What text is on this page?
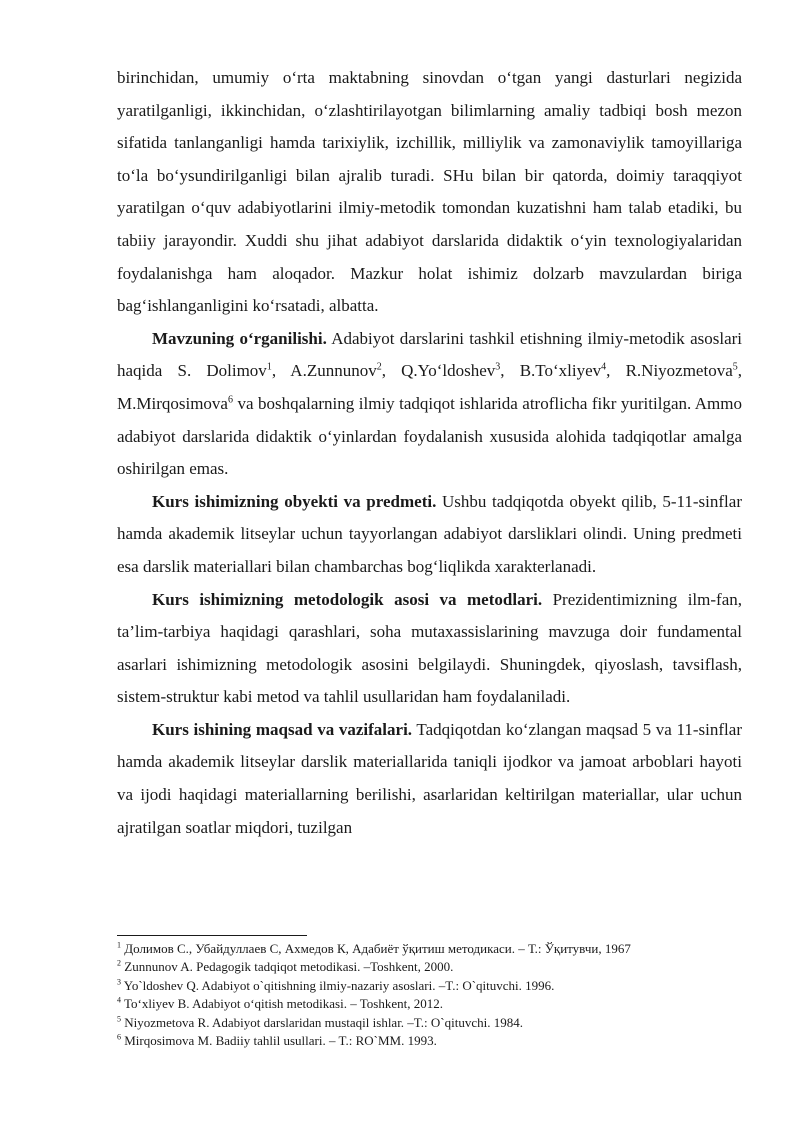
birinchidan, umumiy o‘rta maktabning sinovdan o‘tgan yangi dasturlari negizida yaratilganligi, ikkinchidan, o‘zlashtirilayotgan bilimlarning amaliy tadbiqi bosh mezon sifatida tanlanganligi hamda tarixiylik, izchillik, milliylik va zamonaviylik tamoyillariga to‘la bo‘ysundirilganligi bilan ajralib turadi. SHu bilan bir qatorda, doimiy taraqqiyot yaratilgan o‘quv adabiyotlarini ilmiy-metodik tomondan kuzatishni ham talab etadiki, bu tabiiy jarayondir. Xuddi shu jihat adabiyot darslarida didaktik o‘yin texnologiyalaridan foydalanishga ham aloqador. Mazkur holat ishimiz dolzarb mavzulardan biriga bag‘ishlanganligini ko‘rsatadi, albatta.

Mavzuning o‘rganilishi. Adabiyot darslarini tashkil etishning ilmiy-metodik asoslari haqida S. Dolimov$^1$, A.Zunnunov$^2$, Q.Yo‘ldoshev$^3$, B.To‘xliyev$^4$, R.Niyozmetova$^5$, M.Mirqosimova$^6$ va boshqalarning ilmiy tadqiqot ishlarida atroflicha fikr yuritilgan. Ammo adabiyot darslarida didaktik o‘yinlardan foydalanish xususida alohida tadqiqotlar amalga oshirilgan emas.

Kurs ishimizning obyekti va predmeti. Ushbu tadqiqotda obyekt qilib, 5-11-sinflar hamda akademik litseylar uchun tayyorlangan adabiyot darsliklari olindi. Uning predmeti esa darslik materiallari bilan chambarchas bog‘liqlikda xarakterlanadi.

Kurs ishimizning metodologik asosi va metodlari. Prezidentimizning ilm-fan, ta’lim-tarbiya haqidagi qarashlari, soha mutaxassislarining mavzuga doir fundamental asarlari ishimizning metodologik asosini belgilaydi. Shuningdek, qiyoslash, tavsiflash, sistem-struktur kabi metod va tahlil usullaridan ham foydalaniladi.

Kurs ishining maqsad va vazifalari. Tadqiqotdan ko‘zlangan maqsad 5 va 11-sinflar hamda akademik litseylar darslik materiallarida taniqli ijodkor va jamoat arboblari hayoti va ijodi haqidagi materiallarning berilishi, asarlaridan keltirilgan materiallar, ular uchun ajratilgan soatlar miqdori, tuzilgan

$^1$ Долимов С., Убайдуллаев С, Ахмедов К, Адабиёт ўқитиш методикаси. – Т.: Ўқитувчи, 1967
$^2$ Zunnunov A. Pedagogik tadqiqot metodikasi. –Toshkent, 2000.
$^3$ Yo`ldoshev Q. Adabiyot o`qitishning ilmiy-nazariy asoslari. –T.: O`qituvchi. 1996.
$^4$ To‘xliyev B. Adabiyot o‘qitish metodikasi. – Toshkent, 2012.
$^5$ Niyozmetova R. Adabiyot darslaridan mustaqil ishlar. –T.: O`qituvchi. 1984.
$^6$ Mirqosimova M. Badiiy tahlil usullari. – T.: RO`MM. 1993.
